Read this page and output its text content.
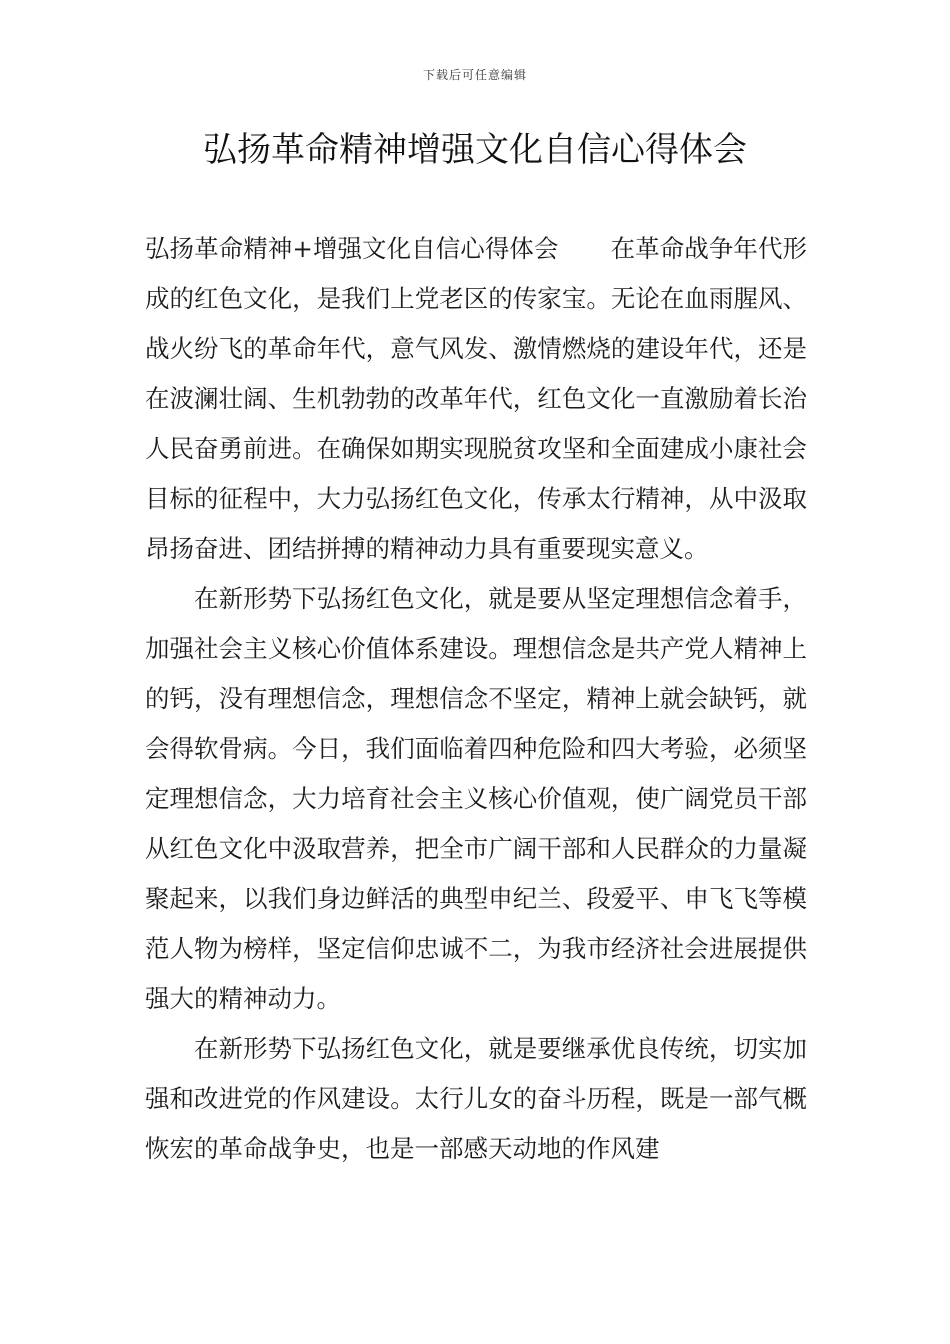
下载后可任意编辑
弘扬革命精神增强文化自信心得体会

弘扬革命精神+增强文化自信心得体会 在革命战争年代形成的红色文化，是我们上党老区的传家宝。无论在血雨腥风、战火纷飞的革命年代，意气风发、激情燃烧的建设年代，还是在波澜壮阔、生机勃勃的改革年代，红色文化一直激励着长治人民奋勇前进。在确保如期实现脱贫攻坚和全面建成小康社会目标的征程中，大力弘扬红色文化，传承太行精神，从中汲取昂扬奋进、团结拼搏的精神动力具有重要现实意义。

在新形势下弘扬红色文化，就是要从坚定理想信念着手，加强社会主义核心价值体系建设。理想信念是共产党人精神上的钙，没有理想信念，理想信念不坚定，精神上就会缺钙，就会得软骨病。今日，我们面临着四种危险和四大考验，必须坚定理想信念，大力培育社会主义核心价值观，使广阔党员干部从红色文化中汲取营养，把全市广阔干部和人民群众的力量凝聚起来，以我们身边鲜活的典型申纪兰、段爱平、申飞飞等模范人物为榜样，坚定信仰忠诚不二，为我市经济社会进展提供强大的精神动力。

在新形势下弘扬红色文化，就是要继承优良传统，切实加强和改进党的作风建设。太行儿女的奋斗历程，既是一部气概恢宏的革命战争史，也是一部感天动地的作风建
